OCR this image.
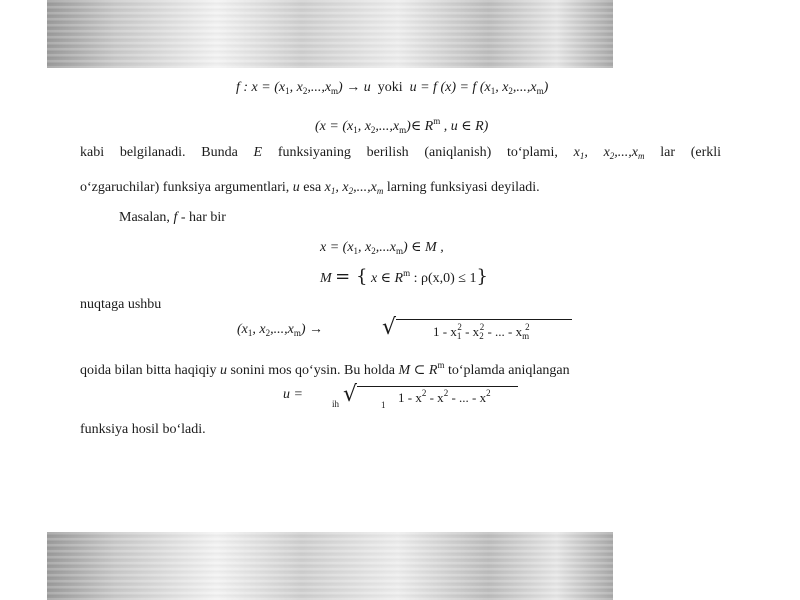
f : $x = (x_1$, $x_2,...,x_m) \to u$ yoki u = f (x) = f ($x_1$, $x_2,...,x_m$)
($x = (x_1$, $x_2,...,x_m)\in$ $R^m$ , u ∈ R)
kabi belgilanadi. Bunda E funksiyaning berilish (aniqlanish) to‘plami, $x_1$, $x_2,...,x_m$ lar (erkli
o‘zgaruchilar) funksiya argumentlari, u esa $x_1$, $x_2,...,x_m$ larning funksiyasi deyiladi.
Masalan, f - har bir
$x = (x_1$, $x_2,...x_m$) ∈ M ,
M = { x ∈ $R^m$ : ρ(x,0) ≤ 1}
nuqtaga ushbu
($x_1$, $x_2,...,x_m$) →	√	$1 - x_1^2 - x_2^2$ - ... - $x_m^2$
qoida bilan bitta haqiqiy u sonini mos qo‘ysin. Bu holda M ⊂ $R^m$ to‘plamda aniqlangan
u =
ih √	1 $1 - x^2 - x^2$ - ... - $x^2$
funksiya hosil bo‘ladi.
